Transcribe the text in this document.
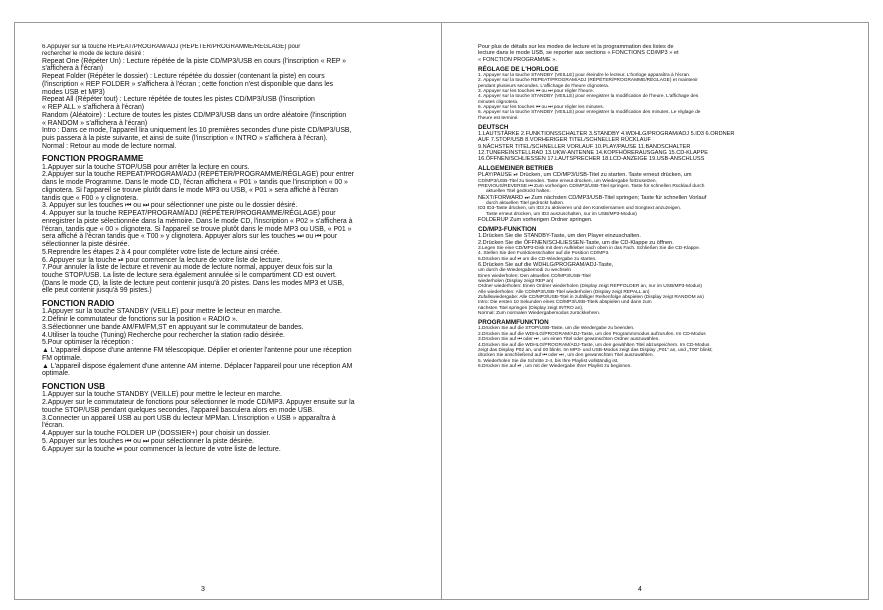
6.Appuyer sur la touche REPEAT/PROGRAM/ADJ (RÉPÉTER/PROGRAMME/RÉGLAGE) pour

rechercher le mode de lecture désiré :

Repeat One (Répéter Un) : Lecture répétée de la piste CD/MP3/USB en cours (l'inscription « REP »

s'affichera à l'écran)

Repeat Folder (Répéter le dossier) : Lecture répétée du dossier (contenant la piste) en cours

(l'inscription « REP FOLDER » s'affichera à l'écran ; cette fonction n'est disponible que dans les

modes USB et MP3)

Repeat All (Répéter tout) : Lecture répétée de toutes les pistes CD/MP3/USB (l'inscription

« REP ALL » s'affichera à l'écran)

Random (Aléatoire) : Lecture de toutes les pistes CD/MP3/USB dans un ordre aléatoire (l'inscription

« RANDOM » s'affichera à l'écran)

Intro : Dans ce mode, l'appareil lira uniquement les 10 premières secondes d'une piste CD/MP3/USB,

puis passera à la piste suivante, et ainsi de suite (l'inscription « INTRO » s'affichera à l'écran).

Normal : Retour au mode de lecture normal.

FONCTION PROGRAMME

1.Appuyer sur la touche STOP/USB pour arrêter la lecture en cours.

2.Appuyer sur la touche REPEAT/PROGRAM/ADJ (RÉPÉTER/PROGRAMME/RÉGLAGE) pour entrer

dans le mode Programme. Dans le mode CD, l'écran affichera « P01 » tandis que l'inscription « 00 »

clignotera. Si l'appareil se trouve plutôt dans le mode MP3 ou USB, « P01 » sera affiché à l'écran

tandis que « F00 » y clignotera.

3. Appuyer sur les touches ⏮ ou ⏭ pour sélectionner une piste ou le dossier désiré.

4. Appuyer sur la touche REPEAT/PROGRAM/ADJ (RÉPÉTER/PROGRAMME/RÉGLAGE) pour

enregistrer la piste sélectionnée dans la mémoire. Dans le mode CD, l'inscription « P02 » s'affichera à

l'écran, tandis que « 00 » clignotera. Si l'appareil se trouve plutôt dans le mode MP3 ou USB, « P01 »

sera affiché à l'écran tandis que « T00 » y clignotera. Appuyer alors sur les touches ⏭ ou ⏮ pour

sélectionner la piste désirée.

5.Reprendre les étapes 2 à 4 pour compléter votre liste de lecture ainsi créée.

6. Appuyer sur la touche ⏯ pour commencer la lecture de votre liste de lecture.

7.Pour annuler la liste de lecture et revenir au mode de lecture normal, appuyer deux fois sur la

touche STOP/USB. La liste de lecture sera également annulée si le compartiment CD est ouvert.

(Dans le mode CD, la liste de lecture peut contenir jusqu'à 20 pistes. Dans les modes MP3 et USB,

elle peut contenir jusqu'à 99 pistes.)

FONCTION RADIO

1.Appuyer sur la touche STANDBY (VEILLE) pour mettre le lecteur en marche.

2.Définir le commutateur de fonctions sur la position « RADIO ».

3.Sélectionner une bande AM/FM/FM,ST en appuyant sur le commutateur de bandes.

4.Utiliser la touche (Tuning) Recherche pour rechercher la station radio désirée.

5.Pour optimiser la réception :

▲ L'appareil dispose d'une antenne FM télescopique. Déplier et orienter l'antenne pour une réception

FM optimale.

▲ L'appareil dispose également d'une antenne AM interne. Déplacer l'appareil pour une réception AM

optimale.

FONCTION USB

1.Appuyer sur la touche STANDBY (VEILLE) pour mettre le lecteur en marche.

2.Appuyer sur le commutateur de fonctions pour sélectionner le mode CD/MP3. Appuyer ensuite sur la

touche STOP/USB pendant quelques secondes, l'appareil basculera alors en mode USB.

3.Connecter un appareil USB au port USB du lecteur MPMan. L'inscription « USB » apparaîtra à

l'écran.

4.Appuyer sur la touche FOLDER UP (DOSSIER+) pour choisir un dossier.

5. Appuyer sur les touches ⏮ ou ⏭ pour sélectionner la piste désirée.

6.Appuyer sur la touche ⏯ pour commencer la lecture de votre liste de lecture.

Pour plus de détails sur les modes de lecture et la programmation des listes de

lecture dans le mode USB, se reporter aux sections « FONCTIONS CD/MP3 » et

« FONCTION PROGRAMME ».

RÉGLAGE DE L'HORLOGE

1. Appuyer sur la touche STANDBY (VEILLE) pour éteindre le lecteur. L'horloge apparaîtra à l'écran.

2. Appuyer sur la touche REPEAT/PROGRAM/ADJ (RÉPÉTER/PROGRAMME/RÉGLAGE) et maintenir

pendant plusieurs secondes. L'affichage de l'heure clignotera.

3. Appuyer sur les touches ⏮ ou ⏭ pour régler l'heure.

4. Appuyer sur la touche STANDBY (VEILLE) pour enregistrer la modification de l'heure. L'affichage des

minutes clignotera.

5. Appuyer sur les touches ⏮ ou ⏭ pour régler les minutes.

6. Appuyer sur la touche STANDBY (VEILLE) pour enregistrer la modification des minutes. Le réglage de

l'heure est terminé.

DEUTSCH

1.LAUTSTÄRKE 2.FUNKTIONSSCHALTER 3.STANDBY 4.WDHLG/PROGRAM/ADJ 5.ID3 6.ORDNER

AUF 7.STOP/USB 8.VORHERIGER TITEL/SCHNELLER RÜCKLAUF

9.NÄCHSTER TITEL/SCHNELLER VORLAUF 10.PLAY/PAUSE 11.BANDSCHALTER

12.TUNEREINSTELLRAD 13.UKW-ANTENNE 14.KOPFHÖRERAUSGANG 15.CD-KLAPPE

16.ÖFFNEN/SCHLIESSEN 17.LAUTSPRECHER 18.LCD-ANZEIGE 19.USB-ANSCHLUSS

ALLGEMEINER BETRIEB

PLAY/PAUSE ⏯ Drücken, um CD/MP3/USB-Titel zu starten. Taste erneut drücken, um

CD/MP3/USB-Titel zu beenden. Taste erneut drücken, um Wiedergabe fortzusetzen.

PREVIOUS/REVERSE ⏮ Zum vorherigen CD/MP3/USB-Titel springen. Taste für schnellen Rücklauf durch

aktuellen Titel gedrückt halten.

NEXT/FORWARD ⏭ Zum nächsten CD/MP3/USB-Titel springen; Taste für schnellen Vorlauf

durch aktuellen Titel gedrückt halten.

ID3 ID3-Taste drücken, um ID3 zu aktivieren und den Künstlernamen und Songtext anzuzeigen.

Taste erneut drücken, um ID3 auszuschalten, nur im USB/MP3-Modus)

FOLDERUP Zum vorherigen Ordner springen.

CD/MP3-FUNKTION

1.Drücken Sie die STANDBY-Taste, um den Player einzuschalten.

2.Drücken Sie die ÖFFNEN/SCHLIESSEN-Taste, um die CD-Klappe zu öffnen.

3.Legen Sie eine CD/MP3-Disk mit dem Aufkleber nach oben in das Fach. Schließen Sie die CD-Klappe.

4. Stellen Sie den Funktionsschalter auf die Position CD/MP3.

5.Drücken Sie auf ⏯ um die CD-Wiedergabe zu starten.

6.Drücken Sie auf die WDHLG/PROGRAM/ADJ-Taste,

um durch die Wiedergabemodi zu wechseln

Einen wiederholen: Den aktuellen CD/MP3/USB-Titel

wiederholen (Display zeigt REP an)

Ordner wiederholen: Einen Ordner wiederholen (Display zeigt REPFOLDER an, nur im USB/MP3-Modus)

Alle wiederholen: Alle CD/MP3/USB-Titel wiederholen (Display zeigt REPALL an)

Zufallswiedergabe: Alle CD/MP3/USB-Titel in zufälliger Reihenfolge abspielen (Display zeigt RANDOM an)

Intro: Die ersten 10 Sekunden eines CD/MP3/USB-Titels abspielen und dann zum

nächsten Titel springen (Display zeigt INTRO an).

Normal: Zum normalen Wiedergabemodus zurückkehren.

PROGRAMMFUNKTION

1.Drücken Sie auf die STOP/USB-Taste, um die Wiedergabe zu beenden.

2.Drücken Sie auf die WDHLG/PROGRAM/ADJ-Taste, um den Programmmodus aufzurufen. Im CD-Modus

3.Drücken Sie auf ⏮ oder ⏭ , um einen Titel oder gewünschten Ordner auszuwählen.

4.Drücken Sie auf die WDHLG/PROGRAM/ADJ-Taste, um den gewählten Titel abzuspeichern. Im CD-Modus

zeigt das Display P02 an, und 00 blinkt. Im MP3- und USB-Modus zeigt das Display „P01“ an, und „T00“ blinkt;

drücken Sie anschließend auf ⏮ oder ⏭ , um den gewünschten Titel auszuwählen.

5. Wiederholen Sie die Schritte 2-4, bis Ihre Playlist vollständig ist.

6.Drücken Sie auf ⏯ , um mit der Wiedergabe Ihrer Playlist zu beginnen.

3	4
